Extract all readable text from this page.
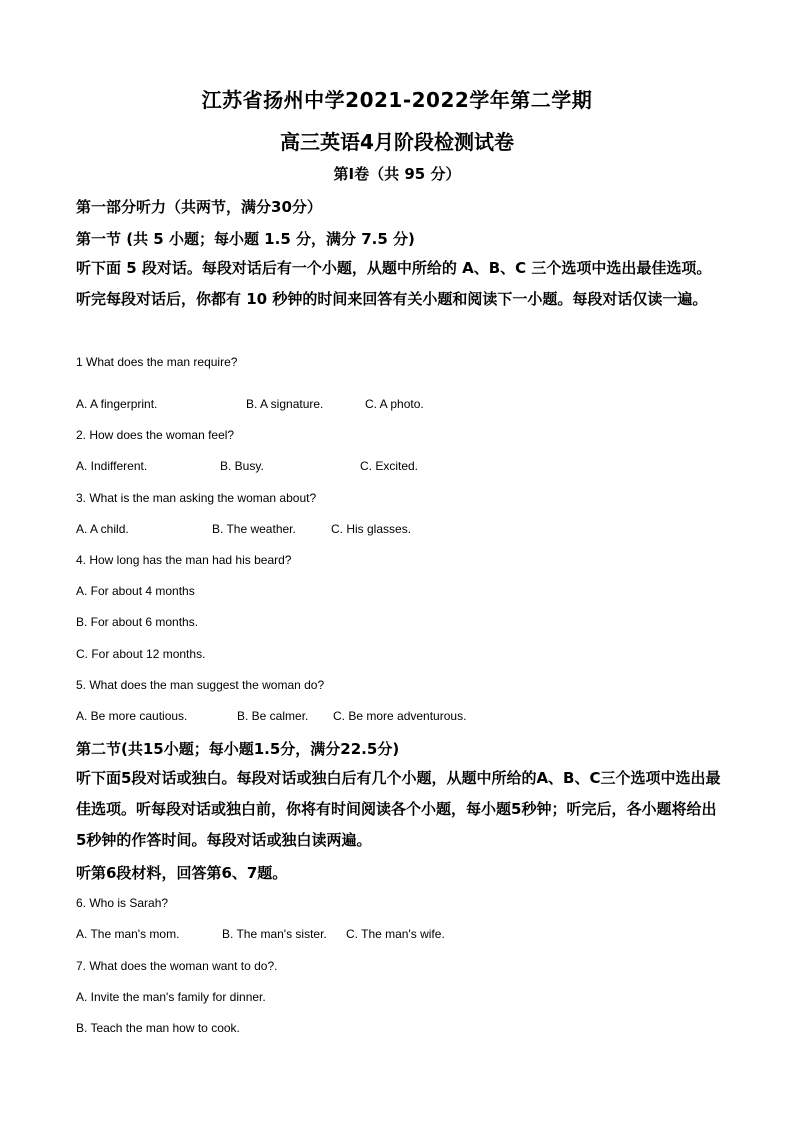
江苏省扬州中学2021-2022学年第二学期
高三英语4月阶段检测试卷
第Ⅰ卷（共 95 分）
第一部分听力（共两节，满分30分）
第一节 (共 5 小题；每小题 1.5 分，满分 7.5 分)
听下面 5 段对话。每段对话后有一个小题，从题中所给的 A、B、C 三个选项中选出最佳选项。听完每段对话后，你都有 10 秒钟的时间来回答有关小题和阅读下一小题。每段对话仅读一遍。
1 What does the man require?
A. A fingerprint.	B. A signature.	C. A photo.
2. How does the woman feel?
A. Indifferent.	B. Busy.	C. Excited.
3. What is the man asking the woman about?
A. A child.	B. The weather.	C. His glasses.
4. How long has the man had his beard?
A. For about 4 months
B. For about 6 months.
C. For about 12 months.
5. What does the man suggest the woman do?
A. Be more cautious.	B. Be calmer. C. Be more adventurous.
第二节(共15小题；每小题1.5分，满分22.5分)
听下面5段对话或独白。每段对话或独白后有几个小题，从题中所给的A、B、C三个选项中选出最佳选项。听每段对话或独白前，你将有时间阅读各个小题，每小题5秒钟；听完后，各小题将给出5秒钟的作答时间。每段对话或独白读两遍。
听第6段材料，回答第6、7题。
6. Who is Sarah?
A. The man's mom.	B. The man's sister. C. The man's wife.
7. What does the woman want to do?.
A. Invite the man's family for dinner.
B. Teach the man how to cook.
